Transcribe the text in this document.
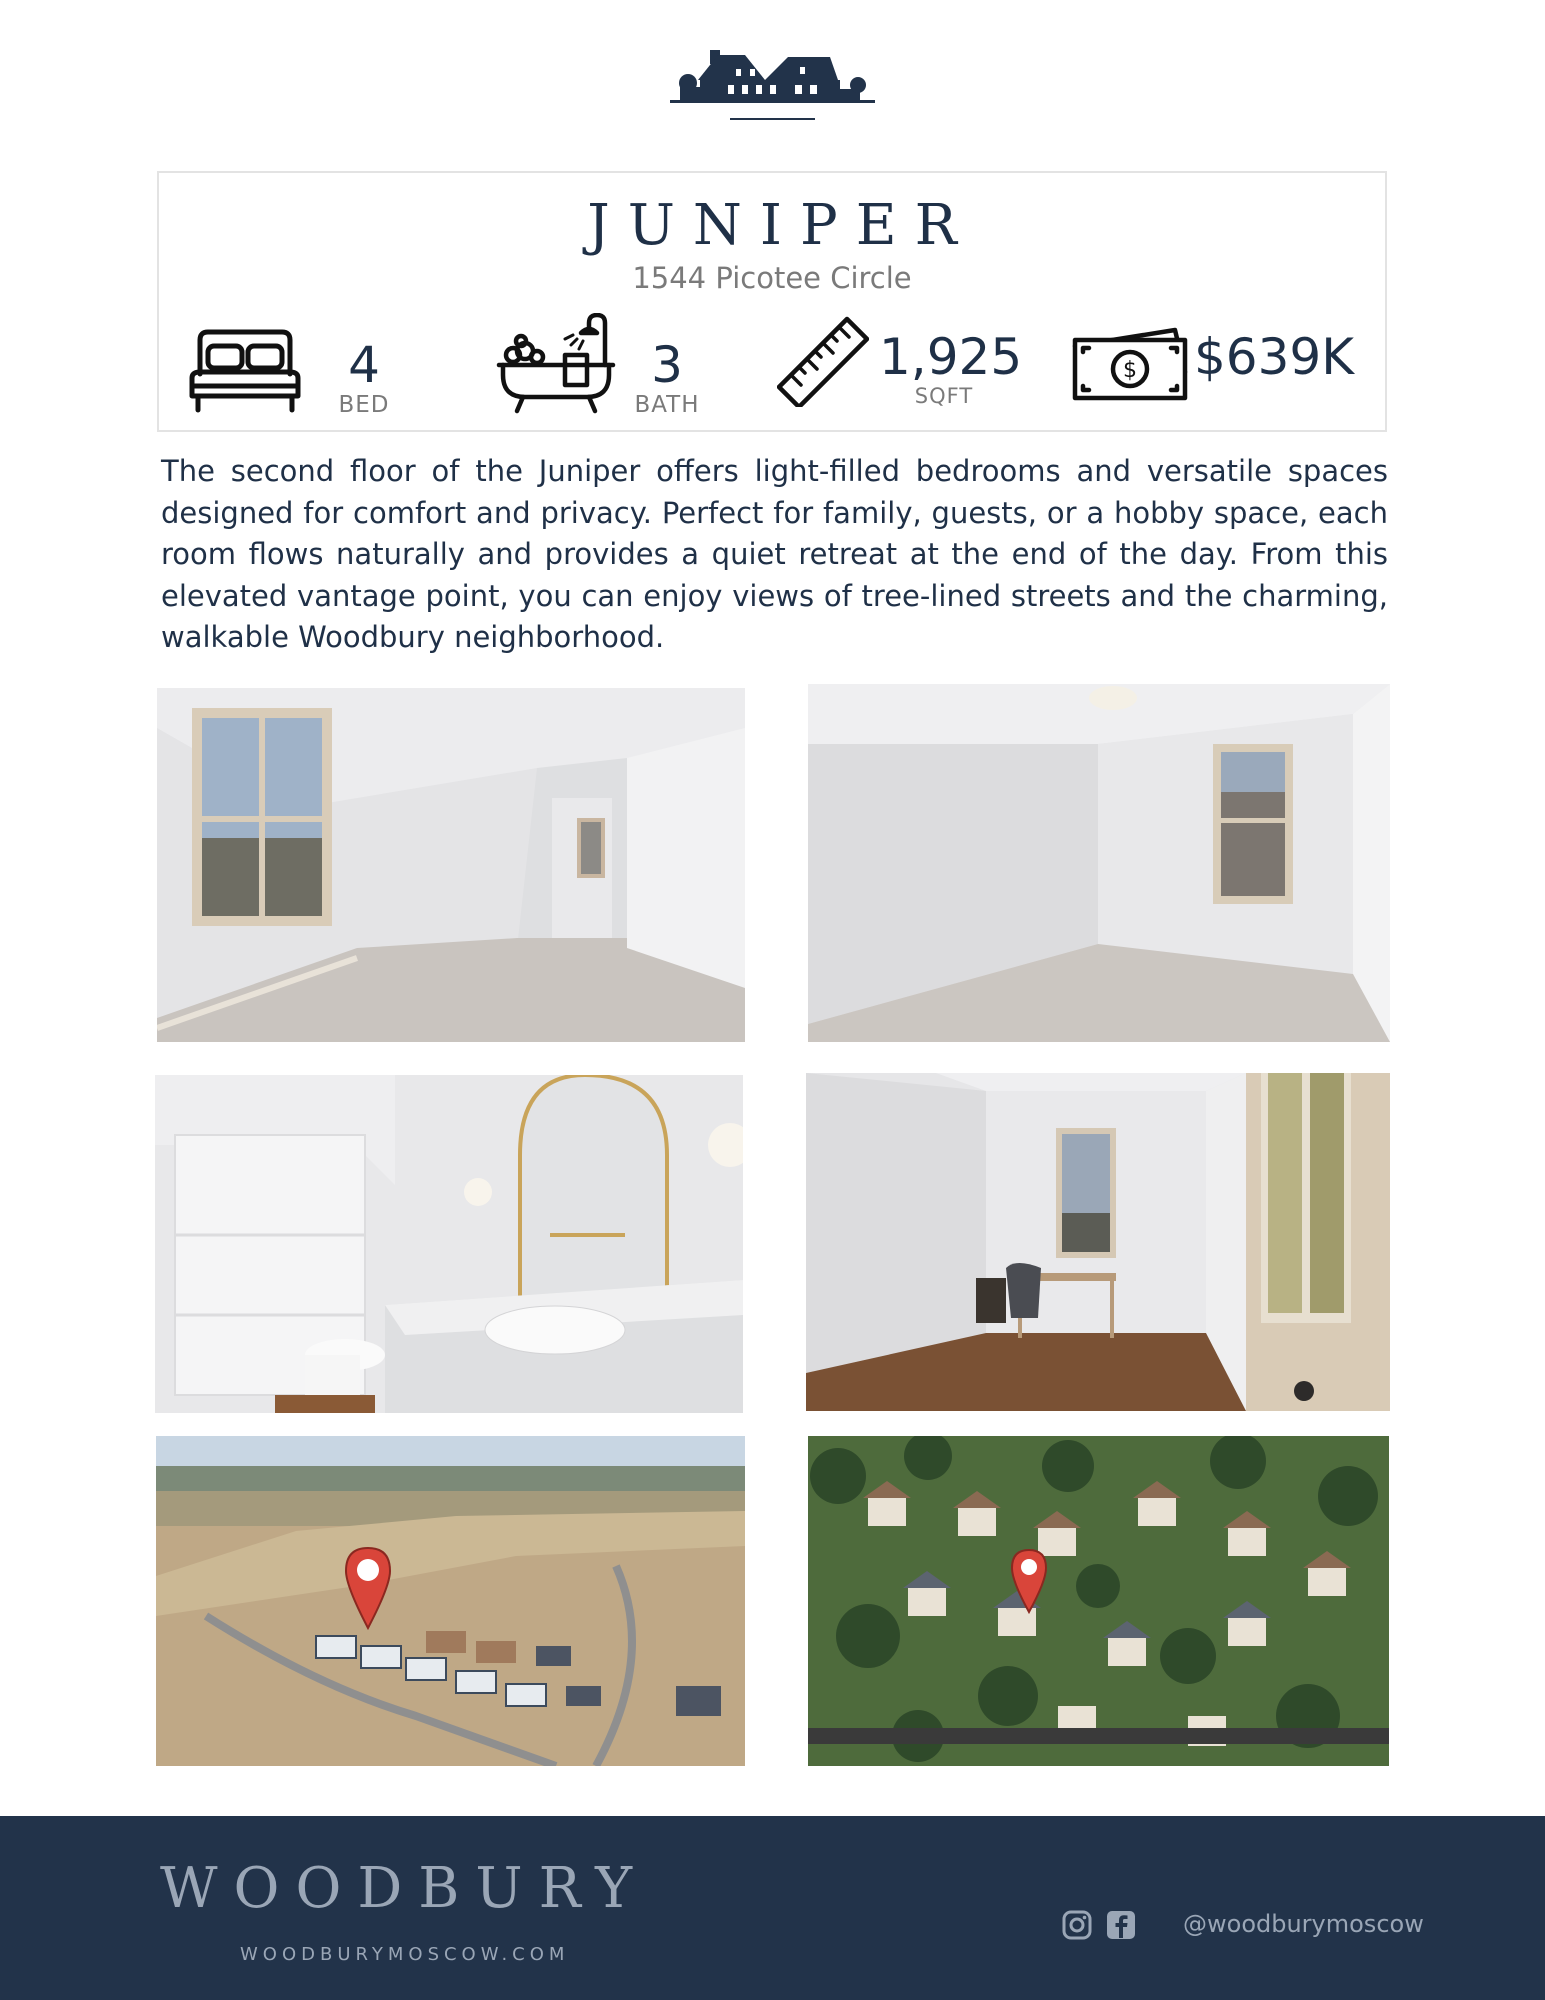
JUNIPER
1544 Picotee Circle
4
BED
3
BATH
1,925
SQFT
$ $639K
The second floor of the Juniper offers light-filled bedrooms and versatile spaces designed for comfort and privacy. Perfect for family, guests, or a hobby space, each room flows naturally and provides a quiet retreat at the end of the day. From this elevated vantage point, you can enjoy views of tree-lined streets and the charming, walkable Woodbury neighborhood.
WOODBURY
WOODBURYMOSCOW.COM
@woodburymoscow
